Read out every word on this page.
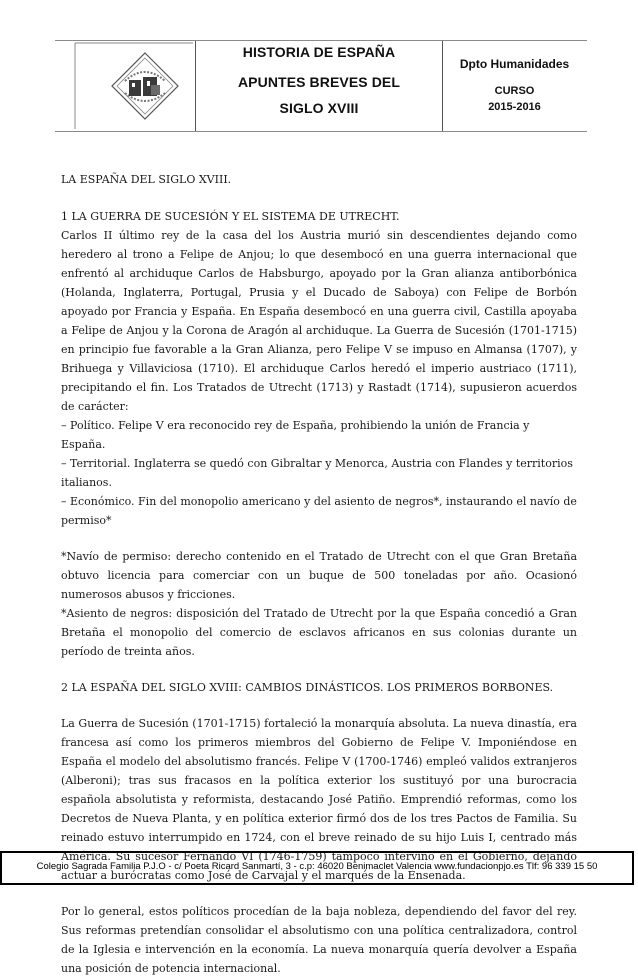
HISTORIA DE ESPAÑA
APUNTES BREVES DEL
SIGLO XVIII
Dpto Humanidades
CURSO
2015-2016

LA ESPAÑA DEL SIGLO XVIII.

1 LA GUERRA DE SUCESIÓN Y EL SISTEMA DE UTRECHT.

Carlos II último rey de la casa del los Austria murió sin descendientes dejando como heredero al trono a Felipe de Anjou; lo que desembocó en una guerra internacional que enfrentó al archiduque Carlos de Habsburgo, apoyado por la Gran alianza antiborbónica (Holanda, Inglaterra, Portugal, Prusia y el Ducado de Saboya) con Felipe de Borbón apoyado por Francia y España. En España desembocó en una guerra civil, Castilla apoyaba a Felipe de Anjou y la Corona de Aragón al archiduque. La Guerra de Sucesión (1701-1715) en principio fue favorable a la Gran Alianza, pero Felipe V se impuso en Almansa (1707), y Brihuega y Villaviciosa (1710). El archiduque Carlos heredó el imperio austriaco (1711), precipitando el fin. Los Tratados de Utrecht (1713) y Rastadt (1714), supusieron acuerdos de carácter:

– Político. Felipe V era reconocido rey de España, prohibiendo la unión de Francia y España.

– Territorial. Inglaterra se quedó con Gibraltar y Menorca, Austria con Flandes y territorios italianos.

– Económico. Fin del monopolio americano y del asiento de negros*, instaurando el navío de permiso*

*Navío de permiso: derecho contenido en el Tratado de Utrecht con el que Gran Bretaña obtuvo licencia para comerciar con un buque de 500 toneladas por año. Ocasionó numerosos abusos y fricciones.

*Asiento de negros: disposición del Tratado de Utrecht por la que España concedió a Gran Bretaña el monopolio del comercio de esclavos africanos en sus colonias durante un período de treinta años.

2 LA ESPAÑA DEL SIGLO XVIII: CAMBIOS DINÁSTICOS. LOS PRIMEROS BORBONES.

La Guerra de Sucesión (1701-1715) fortaleció la monarquía absoluta. La nueva dinastía, era francesa así como los primeros miembros del Gobierno de Felipe V. Imponiéndose en España el modelo del absolutismo francés. Felipe V (1700-1746) empleó validos extranjeros (Alberoni); tras sus fracasos en la política exterior los sustituyó por una burocracia española absolutista y reformista, destacando José Patiño. Emprendió reformas, como los Decretos de Nueva Planta, y en política exterior firmó dos de los tres Pactos de Familia. Su reinado estuvo interrumpido en 1724, con el breve reinado de su hijo Luis I, centrado más América. Su sucesor Fernando VI (1746-1759) tampoco intervino en el Gobierno, dejando actuar a burócratas como José de Carvajal y el marqués de la Ensenada.

Por lo general, estos políticos procedían de la baja nobleza, dependiendo del favor del rey. Sus reformas pretendían consolidar el absolutismo con una política centralizadora, control de la Iglesia e intervención en la economía. La nueva monarquía quería devolver a España una posición de potencia internacional.

Colegio Sagrada Familia P.J.O - c/ Poeta Ricard Sanmartí, 3 - c.p: 46020 Benimaclet Valencia www.fundacionpjo.es Tlf: 96 339 15 50
